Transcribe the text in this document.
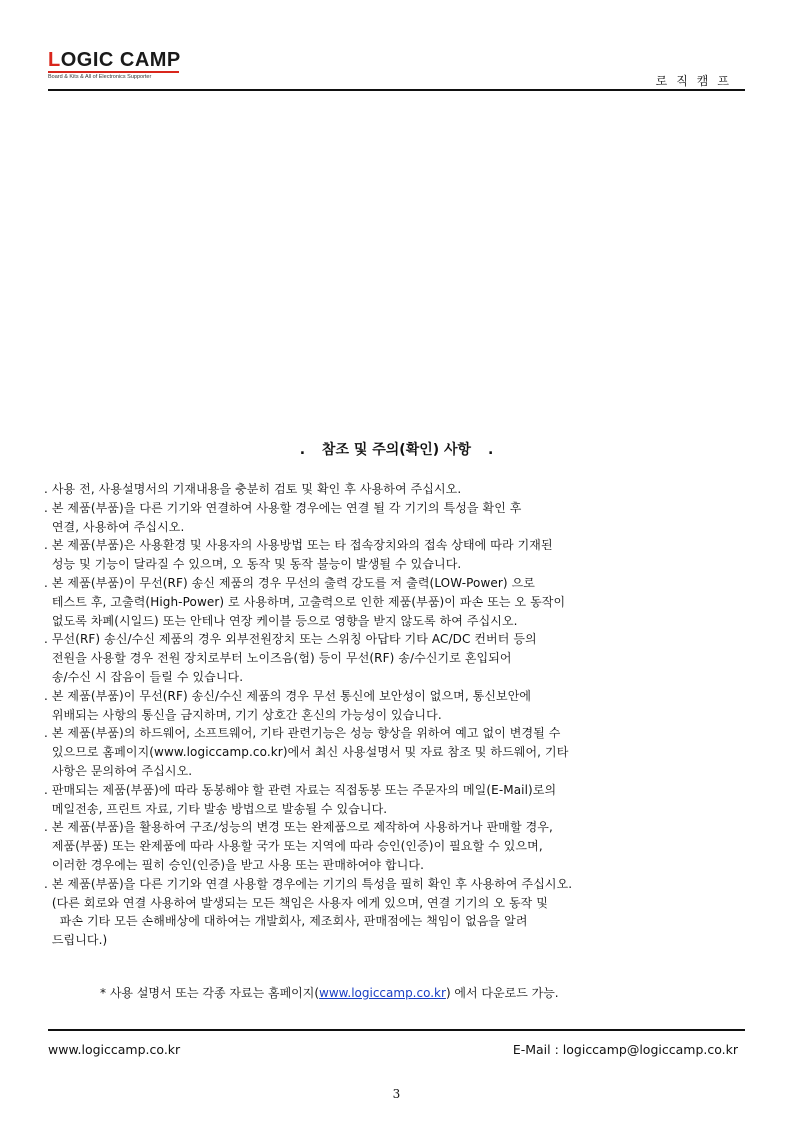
LOGIC CAMP
Board & Kits & All of Electronics Supporter	로직캠프
. 참조 및 주의(확인) 사항 .
. 사용 전, 사용설명서의 기재내용을 충분히 검토 및 확인 후 사용하여 주십시오.
. 본 제품(부품)을 다른 기기와 연결하여 사용할 경우에는 연결 될 각 기기의 특성을 확인 후
연결, 사용하여 주십시오.
. 본 제품(부품)은 사용환경 및 사용자의 사용방법 또는 타 접속장치와의 접속 상태에 따라 기재된
성능 및 기능이 달라질 수 있으며, 오 동작 및 동작 불능이 발생될 수 있습니다.
. 본 제품(부품)이 무선(RF) 송신 제품의 경우 무선의 출력 강도를 저 출력(LOW-Power) 으로
테스트 후, 고출력(High-Power) 로 사용하며, 고출력으로 인한 제품(부품)이 파손 또는 오 동작이
없도록 차폐(시일드) 또는 안테나 연장 케이블 등으로 영향을 받지 않도록 하여 주십시오.
. 무선(RF) 송신/수신 제품의 경우 외부전원장치 또는 스위칭 아답타 기타 AC/DC 컨버터 등의
전원을 사용할 경우 전원 장치로부터 노이즈음(험) 등이 무선(RF) 송/수신기로 혼입되어
송/수신 시 잡음이 들릴 수 있습니다.
. 본 제품(부품)이 무선(RF) 송신/수신 제품의 경우 무선 통신에 보안성이 없으며, 통신보안에
위배되는 사항의 통신을 금지하며, 기기 상호간 혼신의 가능성이 있습니다.
. 본 제품(부품)의 하드웨어, 소프트웨어, 기타 관련기능은 성능 향상을 위하여 예고 없이 변경될 수
있으므로 홈페이지(www.logiccamp.co.kr)에서 최신 사용설명서 및 자료 참조 및 하드웨어, 기타
사항은 문의하여 주십시오.
. 판매되는 제품(부품)에 따라 동봉해야 할 관련 자료는 직접동봉 또는 주문자의 메일(E-Mail)로의
메일전송, 프린트 자료, 기타 발송 방법으로 발송될 수 있습니다.
. 본 제품(부품)을 활용하여 구조/성능의 변경 또는 완제품으로 제작하여 사용하거나 판매할 경우,
제품(부품) 또는 완제품에 따라 사용할 국가 또는 지역에 따라 승인(인증)이 필요할 수 있으며,
이러한 경우에는 필히 승인(인증)을 받고 사용 또는 판매하여야 합니다.
. 본 제품(부품)을 다른 기기와 연결 사용할 경우에는 기기의 특성을 필히 확인 후 사용하여 주십시오.
(다른 회로와 연결 사용하여 발생되는 모든 책임은 사용자 에게 있으며, 연결 기기의 오 동작 및
파손 기타 모든 손해배상에 대하여는 개발회사, 제조회사, 판매점에는 책임이 없음을 알려
드립니다.)
* 사용 설명서 또는 각종 자료는 홈페이지(www.logiccamp.co.kr) 에서 다운로드 가능.
www.logiccamp.co.kr	E-Mail : logiccamp@logiccamp.co.kr
3
